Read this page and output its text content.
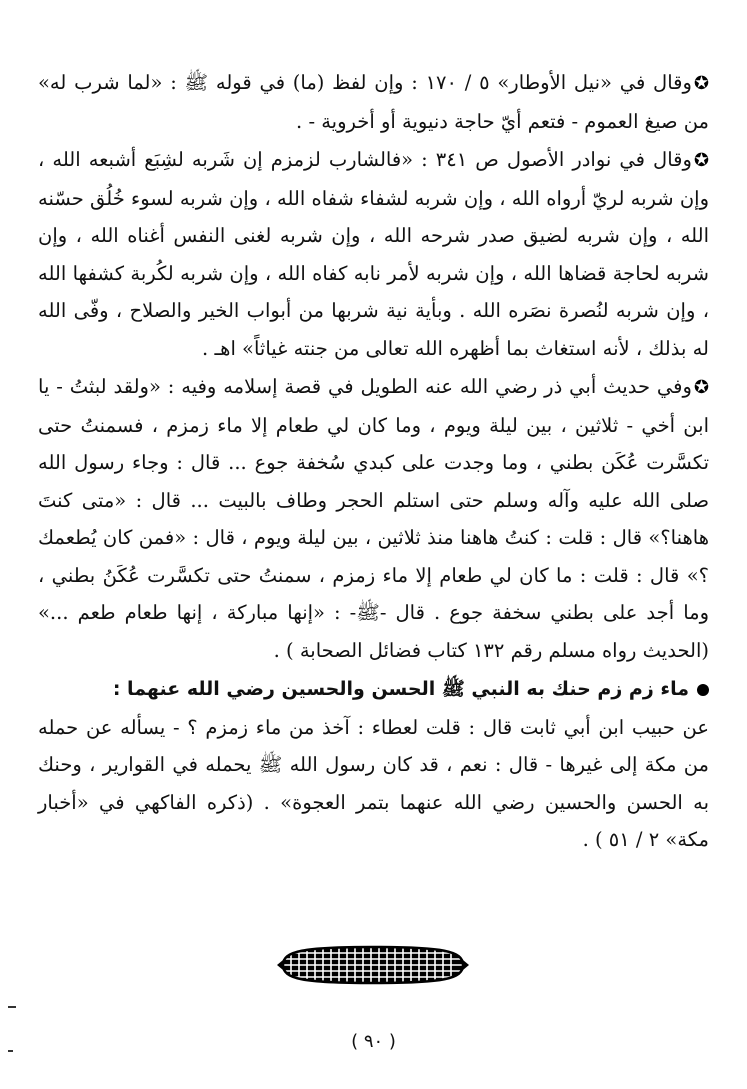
✪وقال في «نيل الأوطار» ٥ / ١٧٠ : وإن لفظ (ما) في قوله ﷺ : «لما شرب له» من صيغ العموم - فتعم أيّ حاجة دنيوية أو أخروية - .

✪وقال في نوادر الأصول ص ٣٤١ : «فالشارب لزمزم إن شَربه لشِبَع أشبعه الله ، وإن شربه لريّ أرواه الله ، وإن شربه لشفاء شفاه الله ، وإن شربه لسوء خُلُق حسّنه الله ، وإن شربه لضيق صدر شرحه الله ، وإن شربه لغنى النفس أغناه الله ، وإن شربه لحاجة قضاها الله ، وإن شربه لأمر نابه كفاه الله ، وإن شربه لكُربة كشفها الله ، وإن شربه لنُصرة نصَره الله . وبأية نية شربها من أبواب الخير والصلاح ، وفّى الله له بذلك ، لأنه استغاث بما أظهره الله تعالى من جنته غياثاً» اهـ .

✪وفي حديث أبي ذر رضي الله عنه الطويل في قصة إسلامه وفيه : «ولقد لبثتُ - يا ابن أخي - ثلاثين ، بين ليلة ويوم ، وما كان لي طعام إلا ماء زمزم ، فسمنتُ حتى تكسَّرت عُكَن بطني ، وما وجدت على كبدي سُخفة جوع ... قال : وجاء رسول الله صلى الله عليه وآله وسلم حتى استلم الحجر وطاف بالبيت ... قال : «متى كنتَ هاهنا؟» قال : قلت : كنتُ هاهنا منذ ثلاثين ، بين ليلة ويوم ، قال : «فمن كان يُطعمك ؟» قال : قلت : ما كان لي طعام إلا ماء زمزم ، سمنتُ حتى تكسَّرت عُكَنُ بطني ، وما أجد على بطني سخفة جوع . قال -ﷺ- : «إنها مباركة ، إنها طعام طعم ...» (الحديث رواه مسلم رقم ١٣٢ كتاب فضائل الصحابة ) .

ماء زم زم حنك به النبي ﷺ الحسن والحسين رضي الله عنهما :

عن حبيب ابن أبي ثابت قال : قلت لعطاء : آخذ من ماء زمزم ؟ - يسأله عن حمله من مكة إلى غيرها - قال : نعم ، قد كان رسول الله ﷺ يحمله في القوارير ، وحنك به الحسن والحسين رضي الله عنهما بتمر العجوة» . (ذكره الفاكهي في «أخبار مكة» ٢ / ٥١ ) .

( ٩٠ )
